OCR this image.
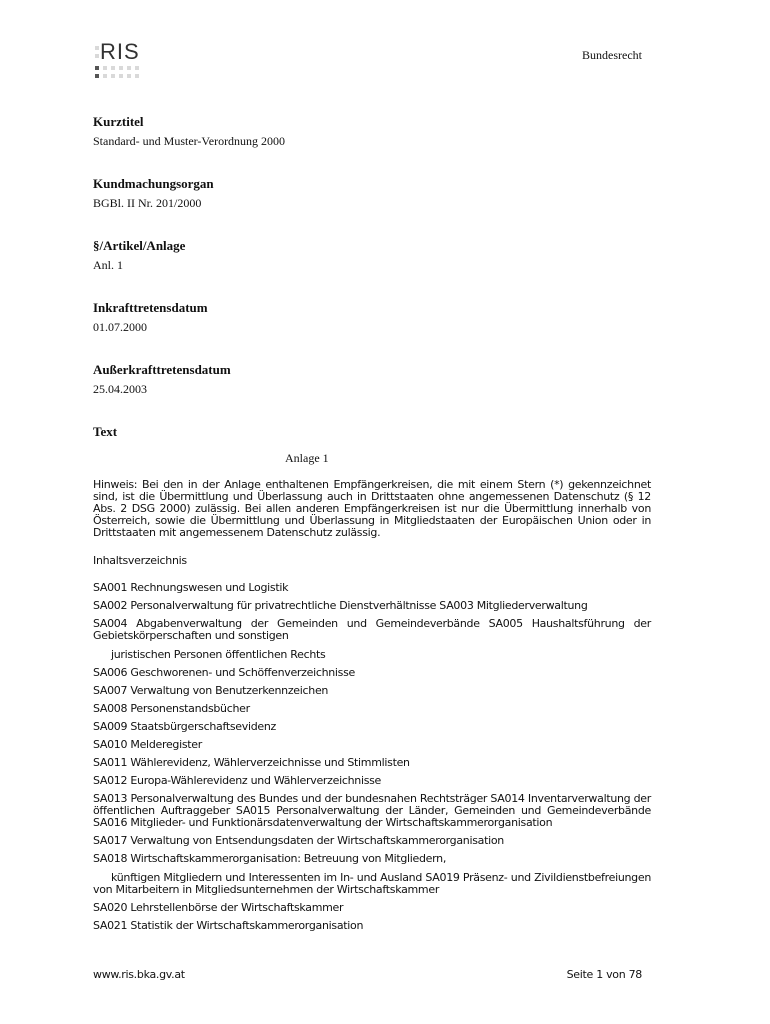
RIS	Bundesrecht

Kurztitel

Standard- und Muster-Verordnung 2000

Kundmachungsorgan

BGBl. II Nr. 201/2000

§/Artikel/Anlage

Anl. 1

Inkrafttretensdatum

01.07.2000

Außerkrafttretensdatum

25.04.2003

Text

Anlage 1

Hinweis: Bei den in der Anlage enthaltenen Empfängerkreisen, die mit einem Stern (*) gekennzeichnet sind, ist die Übermittlung und Überlassung auch in Drittstaaten ohne angemessenen Datenschutz (§ 12 Abs. 2 DSG 2000) zulässig. Bei allen anderen Empfängerkreisen ist nur die Übermittlung innerhalb von Österreich, sowie die Übermittlung und Überlassung in Mitgliedstaaten der Europäischen Union oder in Drittstaaten mit angemessenem Datenschutz zulässig.

Inhaltsverzeichnis

SA001 Rechnungswesen und Logistik

SA002 Personalverwaltung für privatrechtliche Dienstverhältnisse SA003 Mitgliederverwaltung

SA004 Abgabenverwaltung der Gemeinden und Gemeindeverbände SA005 Haushaltsführung der Gebietskörperschaften und sonstigen
juristischen Personen öffentlichen Rechts

SA006 Geschworenen- und Schöffenverzeichnisse

SA007 Verwaltung von Benutzerkennzeichen

SA008 Personenstandsbücher

SA009 Staatsbürgerschaftsevidenz

SA010 Melderegister

SA011 Wählerevidenz, Wählerverzeichnisse und Stimmlisten

SA012 Europa-Wählerevidenz und Wählerverzeichnisse

SA013 Personalverwaltung des Bundes und der bundesnahen Rechtsträger SA014 Inventarverwaltung der öffentlichen Auftraggeber SA015 Personalverwaltung der Länder, Gemeinden und Gemeindeverbände SA016 Mitglieder- und Funktionärsdatenverwaltung der Wirtschaftskammerorganisation

SA017 Verwaltung von Entsendungsdaten der Wirtschaftskammerorganisation

SA018 Wirtschaftskammerorganisation: Betreuung von Mitgliedern,
künftigen Mitgliedern und Interessenten im In- und Ausland SA019 Präsenz- und Zivildienstbefreiungen von Mitarbeitern in Mitgliedsunternehmen der Wirtschaftskammer

SA020 Lehrstellenbörse der Wirtschaftskammer

SA021 Statistik der Wirtschaftskammerorganisation

www.ris.bka.gv.at	Seite 1 von 78
